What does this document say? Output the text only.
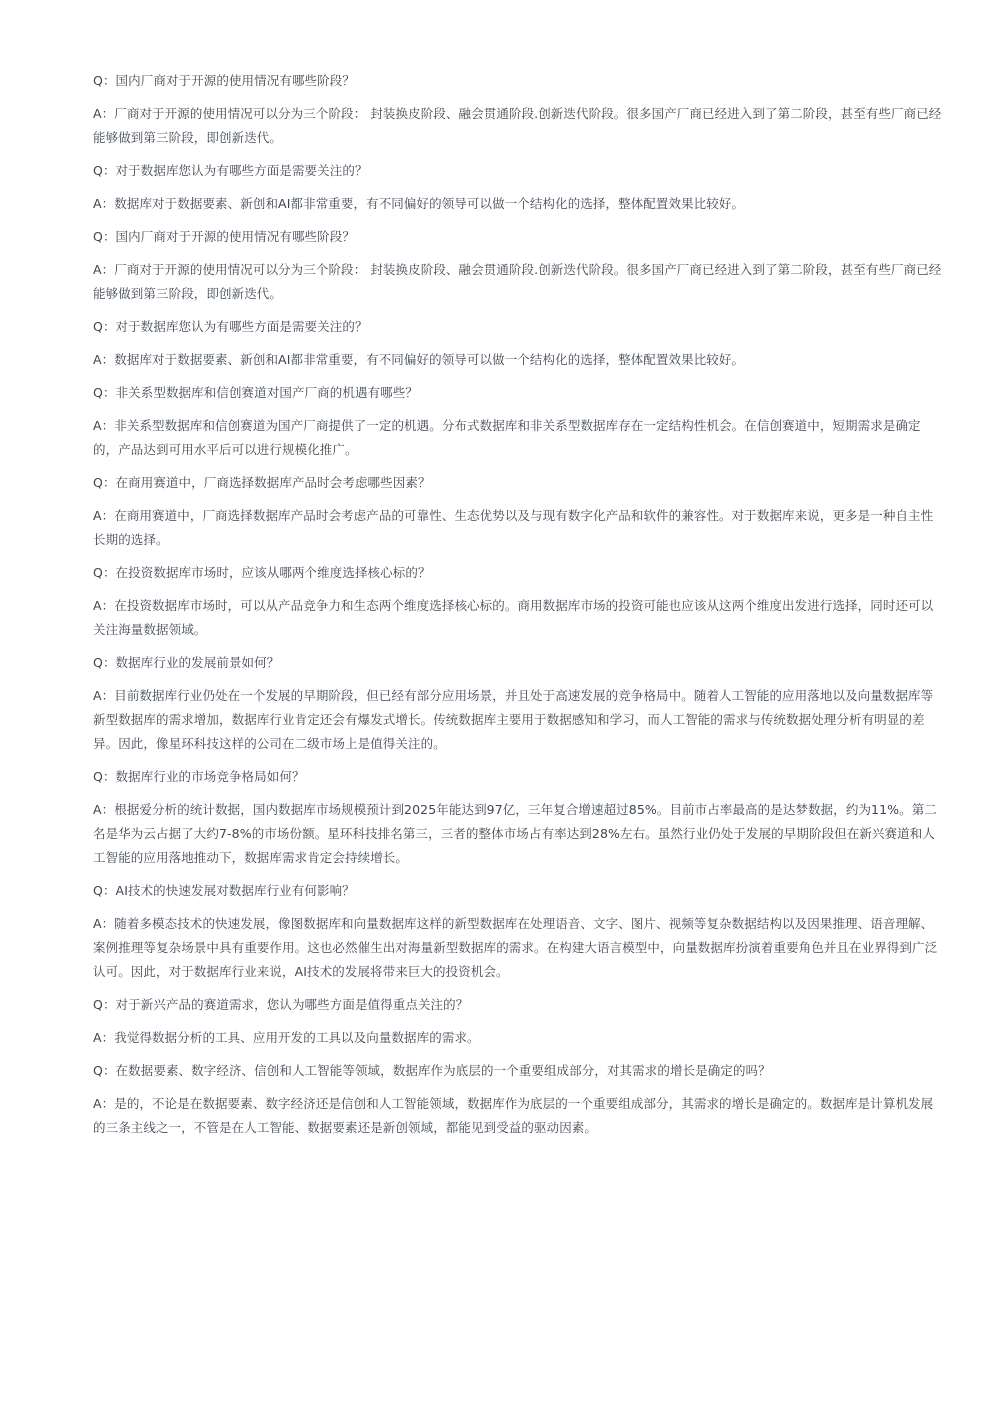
Q：国内厂商对于开源的使用情况有哪些阶段？

A：厂商对于开源的使用情况可以分为三个阶段： 封装换皮阶段、融会贯通阶段.创新迭代阶段。很多国产厂商已经进入到了第二阶段，甚至有些厂商已经能够做到第三阶段，即创新迭代。

Q：对于数据库您认为有哪些方面是需要关注的？

A：数据库对于数据要素、新创和AI都非常重要，有不同偏好的领导可以做一个结构化的选择，整体配置效果比较好。

Q：国内厂商对于开源的使用情况有哪些阶段？

A：厂商对于开源的使用情况可以分为三个阶段： 封装换皮阶段、融会贯通阶段.创新迭代阶段。很多国产厂商已经进入到了第二阶段，甚至有些厂商已经能够做到第三阶段，即创新迭代。

Q：对于数据库您认为有哪些方面是需要关注的？

A：数据库对于数据要素、新创和AI都非常重要，有不同偏好的领导可以做一个结构化的选择，整体配置效果比较好。

Q：非关系型数据库和信创赛道对国产厂商的机遇有哪些？

A：非关系型数据库和信创赛道为国产厂商提供了一定的机遇。分布式数据库和非关系型数据库存在一定结构性机会。在信创赛道中，短期需求是确定的，产品达到可用水平后可以进行规模化推广。

Q：在商用赛道中，厂商选择数据库产品时会考虑哪些因素？

A：在商用赛道中，厂商选择数据库产品时会考虑产品的可靠性、生态优势以及与现有数字化产品和软件的兼容性。对于数据库来说，更多是一种自主性长期的选择。

Q：在投资数据库市场时，应该从哪两个维度选择核心标的？

A：在投资数据库市场时，可以从产品竞争力和生态两个维度选择核心标的。商用数据库市场的投资可能也应该从这两个维度出发进行选择，同时还可以关注海量数据领域。

Q：数据库行业的发展前景如何？

A：目前数据库行业仍处在一个发展的早期阶段，但已经有部分应用场景，并且处于高速发展的竞争格局中。随着人工智能的应用落地以及向量数据库等新型数据库的需求增加，数据库行业肯定还会有爆发式增长。传统数据库主要用于数据感知和学习，而人工智能的需求与传统数据处理分析有明显的差异。因此，像星环科技这样的公司在二级市场上是值得关注的。

Q：数据库行业的市场竞争格局如何？

A：根据爱分析的统计数据，国内数据库市场规模预计到2025年能达到97亿，三年复合增速超过85%。目前市占率最高的是达梦数据，约为11%。第二名是华为云占据了大约7-8%的市场份额。星环科技排名第三，三者的整体市场占有率达到28%左右。虽然行业仍处于发展的早期阶段但在新兴赛道和人工智能的应用落地推动下，数据库需求肯定会持续增长。

Q：AI技术的快速发展对数据库行业有何影响？

A：随着多模态技术的快速发展，像图数据库和向量数据库这样的新型数据库在处理语音、文字、图片、视频等复杂数据结构以及因果推理、语音理解、案例推理等复杂场景中具有重要作用。这也必然催生出对海量新型数据库的需求。在构建大语言模型中，向量数据库扮演着重要角色并且在业界得到广泛认可。因此，对于数据库行业来说，AI技术的发展将带来巨大的投资机会。

Q：对于新兴产品的赛道需求，您认为哪些方面是值得重点关注的？

A：我觉得数据分析的工具、应用开发的工具以及向量数据库的需求。

Q：在数据要素、数字经济、信创和人工智能等领域，数据库作为底层的一个重要组成部分，对其需求的增长是确定的吗？

A：是的，不论是在数据要素、数字经济还是信创和人工智能领域，数据库作为底层的一个重要组成部分，其需求的增长是确定的。数据库是计算机发展的三条主线之一，不管是在人工智能、数据要素还是新创领域，都能见到受益的驱动因素。
